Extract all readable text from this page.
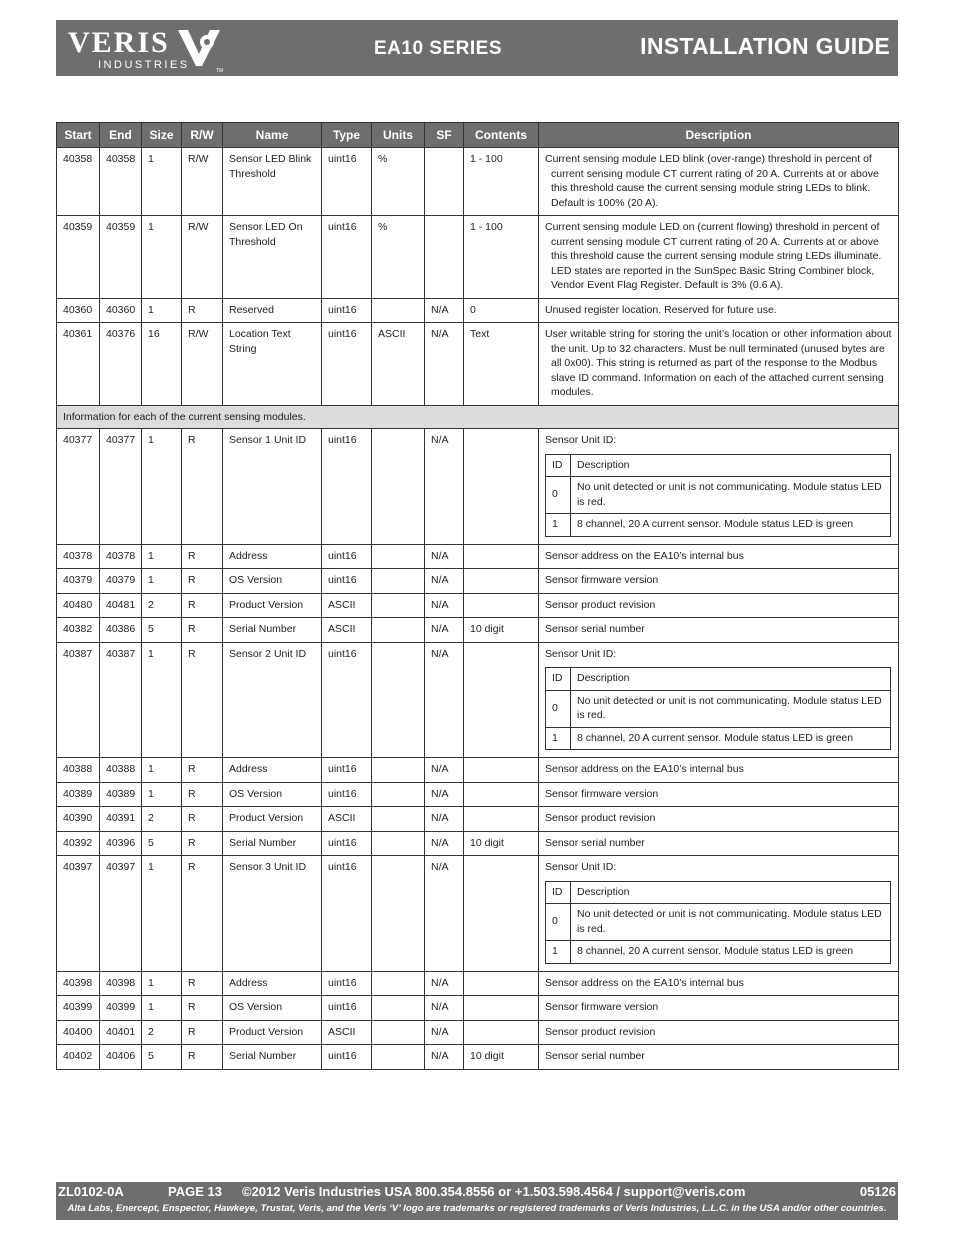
VERIS
INDUSTRIES	TM
EA10 SERIES	INSTALLATION GUIDE
Start	End	Size	R/W	Name	Type	Units	SF	Contents	Description
40358	40358	1	R/W	Sensor LED Blink Threshold	uint16	%		1 - 100	Current sensing module LED blink (over-range) threshold in percent of current sensing module CT current rating of 20 A. Currents at or above this threshold cause the current sensing module string LEDs to blink. Default is 100% (20 A).

40359	40359	1	R/W	Sensor LED On Threshold	uint16	%		1 - 100	Current sensing module LED on (current flowing) threshold in percent of current sensing module CT current rating of 20 A. Currents at or above this threshold cause the current sensing module string LEDs illuminate. LED states are reported in the SunSpec Basic String Combiner block, Vendor Event Flag Register. Default is 3% (0.6 A).

40360	40360	1	R	Reserved	uint16		N/A	0	Unused register location. Reserved for future use.

40361	40376	16	R/W	Location Text String	uint16	ASCII	N/A	Text	User writable string for storing the unit’s location or other information about the unit. Up to 32 characters. Must be null terminated (unused bytes are all 0x00). This string is returned as part of the response to the Modbus slave ID command. Information on each of the attached current sensing modules.

Information for each of the current sensing modules.
40377	40377	1	R	Sensor 1 Unit ID	uint16		N/A		Sensor Unit ID:
ID	Description
0	No unit detected or unit is not communicating. Module status LED is red.
1	8 channel, 20 A current sensor. Module status LED is green

40378	40378	1	R	Address	uint16		N/A		Sensor address on the EA10’s internal bus

40379	40379	1	R	OS Version	uint16		N/A		Sensor firmware version

40480	40481	2	R	Product Version	ASCII		N/A		Sensor product revision

40382	40386	5	R	Serial Number	ASCII		N/A	10 digit	Sensor serial number

40387	40387	1	R	Sensor 2 Unit ID	uint16		N/A		Sensor Unit ID:
ID	Description
0	No unit detected or unit is not communicating. Module status LED is red.
1	8 channel, 20 A current sensor. Module status LED is green

40388	40388	1	R	Address	uint16		N/A		Sensor address on the EA10’s internal bus

40389	40389	1	R	OS Version	uint16		N/A		Sensor firmware version

40390	40391	2	R	Product Version	ASCII		N/A		Sensor product revision

40392	40396	5	R	Serial Number	uint16		N/A	10 digit	Sensor serial number

40397	40397	1	R	Sensor 3 Unit ID	uint16		N/A		Sensor Unit ID:
ID	Description
0	No unit detected or unit is not communicating. Module status LED is red.
1	8 channel, 20 A current sensor. Module status LED is green

40398	40398	1	R	Address	uint16		N/A		Sensor address on the EA10’s internal bus

40399	40399	1	R	OS Version	uint16		N/A		Sensor firmware version

40400	40401	2	R	Product Version	ASCII		N/A		Sensor product revision

40402	40406	5	R	Serial Number	uint16		N/A	10 digit	Sensor serial number
ZL0102-0A	PAGE 13 ©2012 Veris Industries USA 800.354.8556 or +1.503.598.4564 / support@veris.com	05126
Alta Labs, Enercept, Enspector, Hawkeye, Trustat, Veris, and the Veris ‘V’ logo are trademarks or registered trademarks of Veris Industries, L.L.C. in the USA and/or other countries.
